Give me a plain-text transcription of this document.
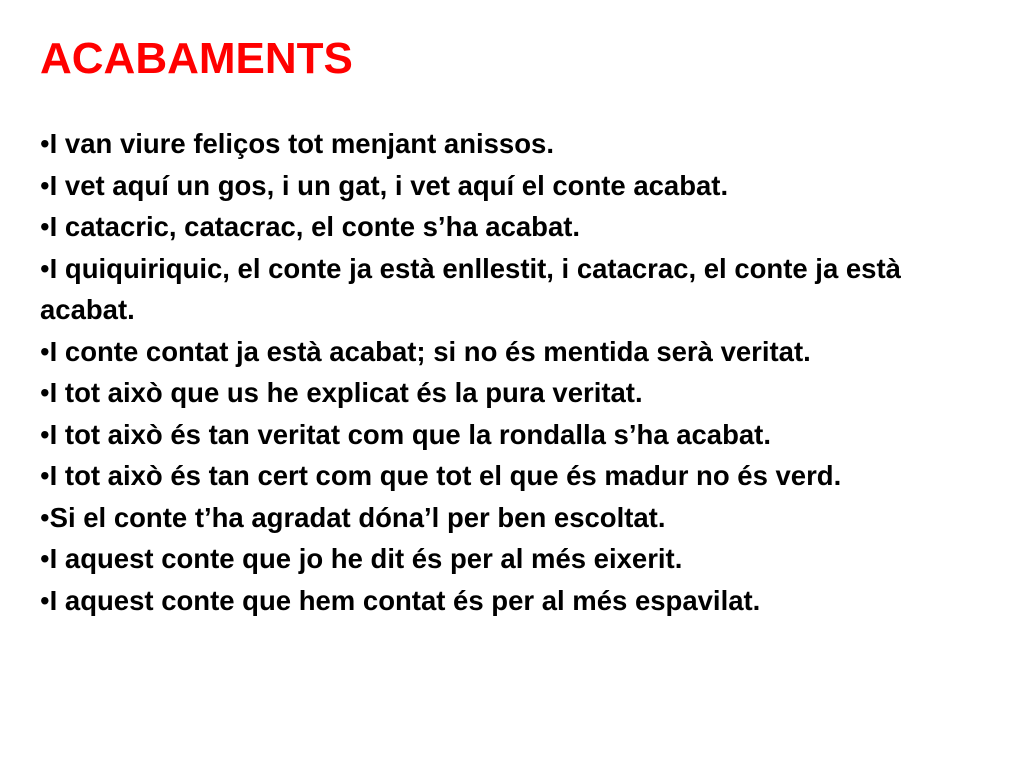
ACABAMENTS
•I van viure feliços tot menjant anissos.
•I vet aquí un gos, i un gat, i vet aquí el conte acabat.
•I catacric, catacrac, el conte s’ha acabat.
•I quiquiriquic, el conte ja està enllestit, i catacrac, el conte ja està acabat.
•I conte contat ja està acabat; si no és mentida serà veritat.
•I tot això que us he explicat és la pura veritat.
•I tot això és tan veritat com que la rondalla s’ha acabat.
•I tot això és tan cert com que tot el que és madur no és verd.
•Si el conte t’ha agradat dóna’l per ben escoltat.
•I aquest conte que jo he dit és per al més eixerit.
•I aquest conte que hem contat és per al més espavilat.
